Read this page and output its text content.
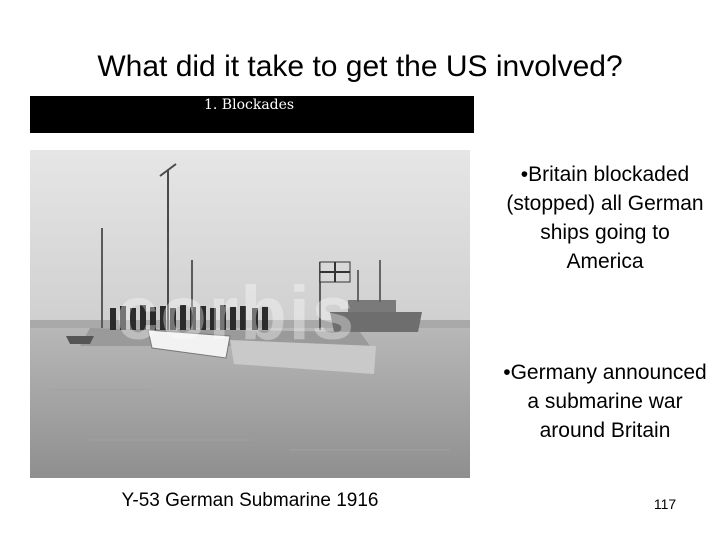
What did it take to get the US involved?
1. Blockades
corbis
Y-53 German Submarine 1916
•Britain blockaded (stopped) all German ships going to America
•Germany announced a submarine war around Britain
117
